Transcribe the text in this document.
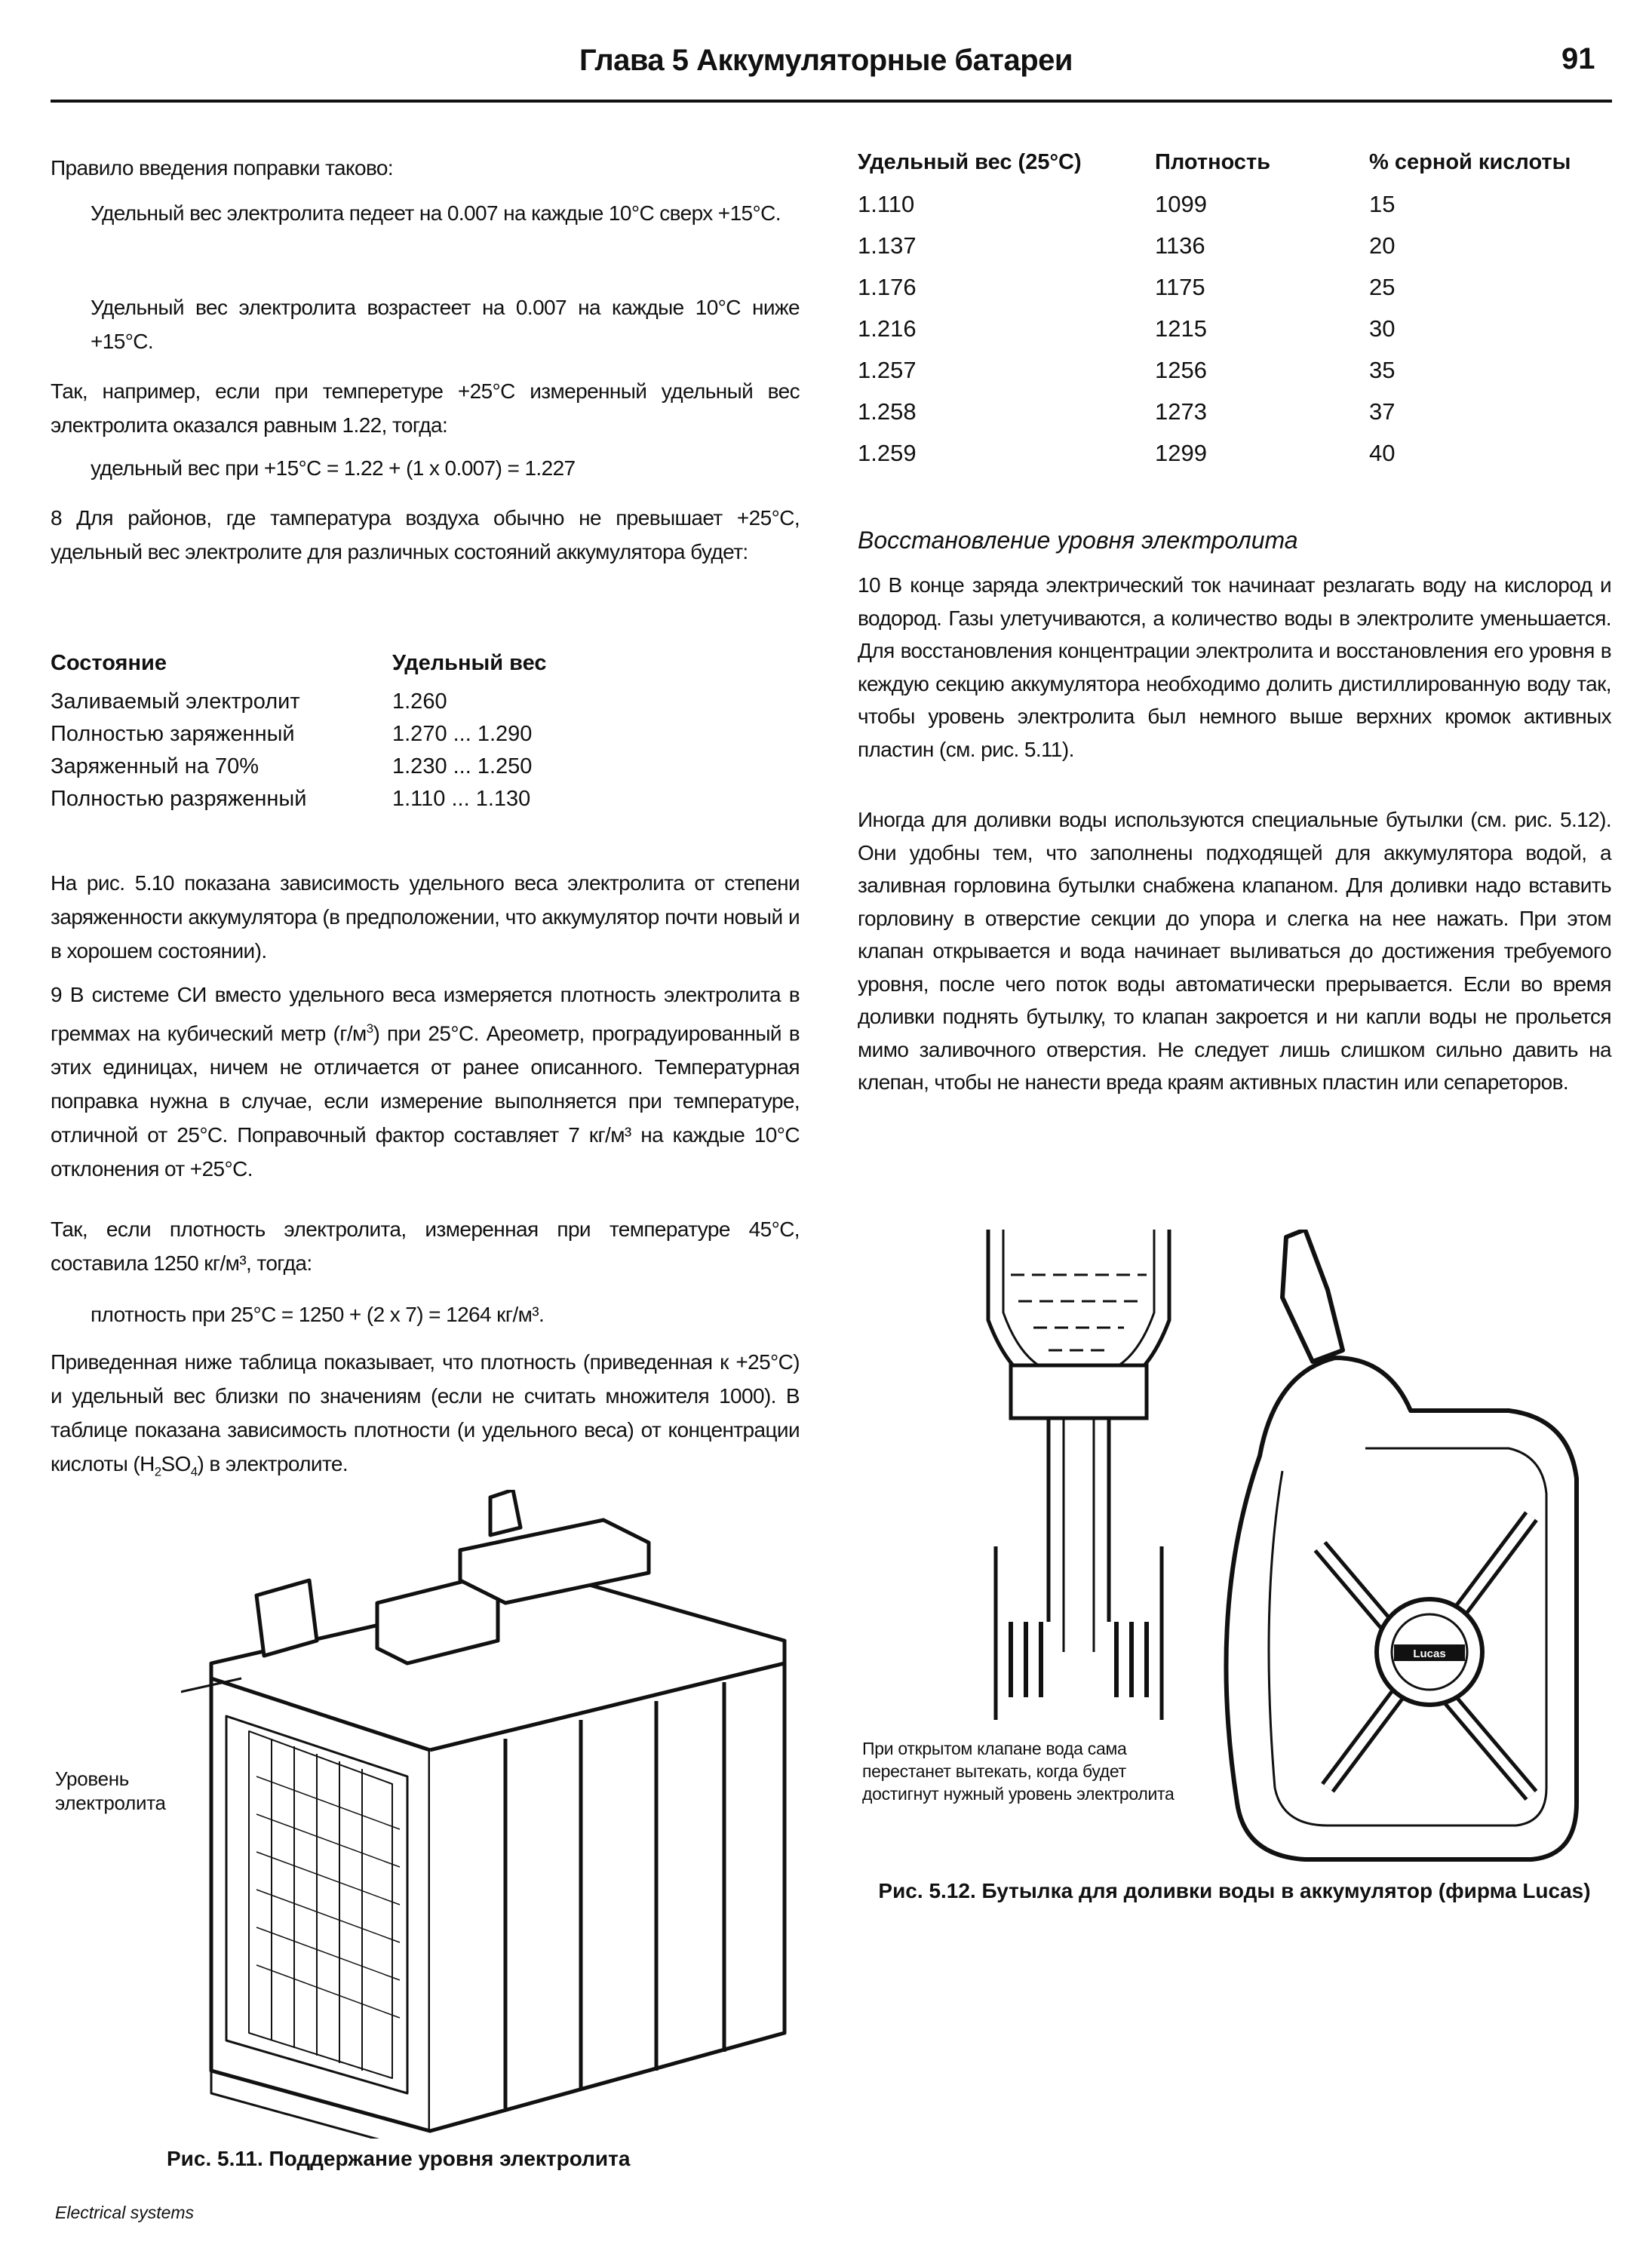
Глава 5 Аккумуляторные батареи	91

Правило введения поправки таково:

Удельный вес электролита педеет на 0.007 на каждые 10°С сверх +15°С.

Удельный вес электролита возрастеет на 0.007 на каждые 10°С ниже +15°С.

Так, например, если при темперетуре +25°С измеренный удельный вес электролита оказался равным 1.22, тогда:

удельный вес при +15°С = 1.22 + (1 x 0.007) = 1.227

8 Для районов, где тампература воздуха обычно не превышает +25°С, удельный вес электролите для различных состояний аккумулятора будет:

Состояние	Удельный вес
Заливаемый электролит	1.260
Полностью заряженный	1.270 ... 1.290
Заряженный на 70%	1.230 ... 1.250
Полностью разряженный	1.110 ... 1.130

На рис. 5.10 показана зависимость удельного веса электролита от степени заряженности аккумулятора (в предположении, что аккумулятор почти новый и в хорошем состоянии).

9 В системе СИ вместо удельного веса измеряется плотность электролита в греммах на кубический метр $(г/м^3)$ при 25°С. Ареометр, проградуированный в этих единицах, ничем не отличается от ранее описанного. Температурная поправка нужна в случае, если измерение выполняется при температуре, отличной от 25°С. Поправочный фактор составляет 7 кг/м³ на каждые 10°С отклонения от +25°С.

Так, если плотность электролита, измеренная при температуре 45°С, составила 1250 кг/м³, тогда:

плотность при 25°С = 1250 + (2 x 7) = 1264 кг/м³.

Приведенная ниже таблица показывает, что плотность (приведенная к +25°С) и удельный вес близки по значениям (если не считать множителя 1000). В таблице показана зависимость плотности (и удельного веса) от концентрации кислоты $(H_2SO_4)$ в электролите.

Уровень электролита
Рис. 5.11. Поддержание уровня электролита
Electrical systems
Удельный вес (25°С)	Плотность	% серной кислоты
1.110	1099	15
1.137	1136	20
1.176	1175	25
1.216	1215	30
1.257	1256	35
1.258	1273	37
1.259	1299	40
Восстановление уровня электролита

10 В конце заряда электрический ток начинаат резлагать воду на кислород и водород. Газы улетучиваются, а количество воды в электролите уменьшается. Для восстановления концентрации электролита и восстановления его уровня в кеждую секцию аккумулятора необходимо долить дистиллированную воду так, чтобы уровень электролита был немного выше верхних кромок активных пластин (см. рис. 5.11).

Иногда для доливки воды используются специальные бутылки (см. рис. 5.12). Они удобны тем, что заполнены подходящей для аккумулятора водой, а заливная горловина бутылки снабжена клапаном. Для доливки надо вставить горловину в отверстие секции до упора и слегка на нее нажать. При этом клапан открывается и вода начинает выливаться до достижения требуемого уровня, после чего поток воды автоматически прерывается. Если во время доливки поднять бутылку, то клапан закроется и ни капли воды не прольется мимо заливочного отверстия. Не следует лишь слишком сильно давить на клепан, чтобы не нанести вреда краям активных пластин или сепареторов.

Lucas
При открытом клапане вода сама перестанет вытекать, когда будет достигнут нужный уровень электролита
Рис. 5.12. Бутылка для доливки воды в аккумулятор (фирма Lucas)
